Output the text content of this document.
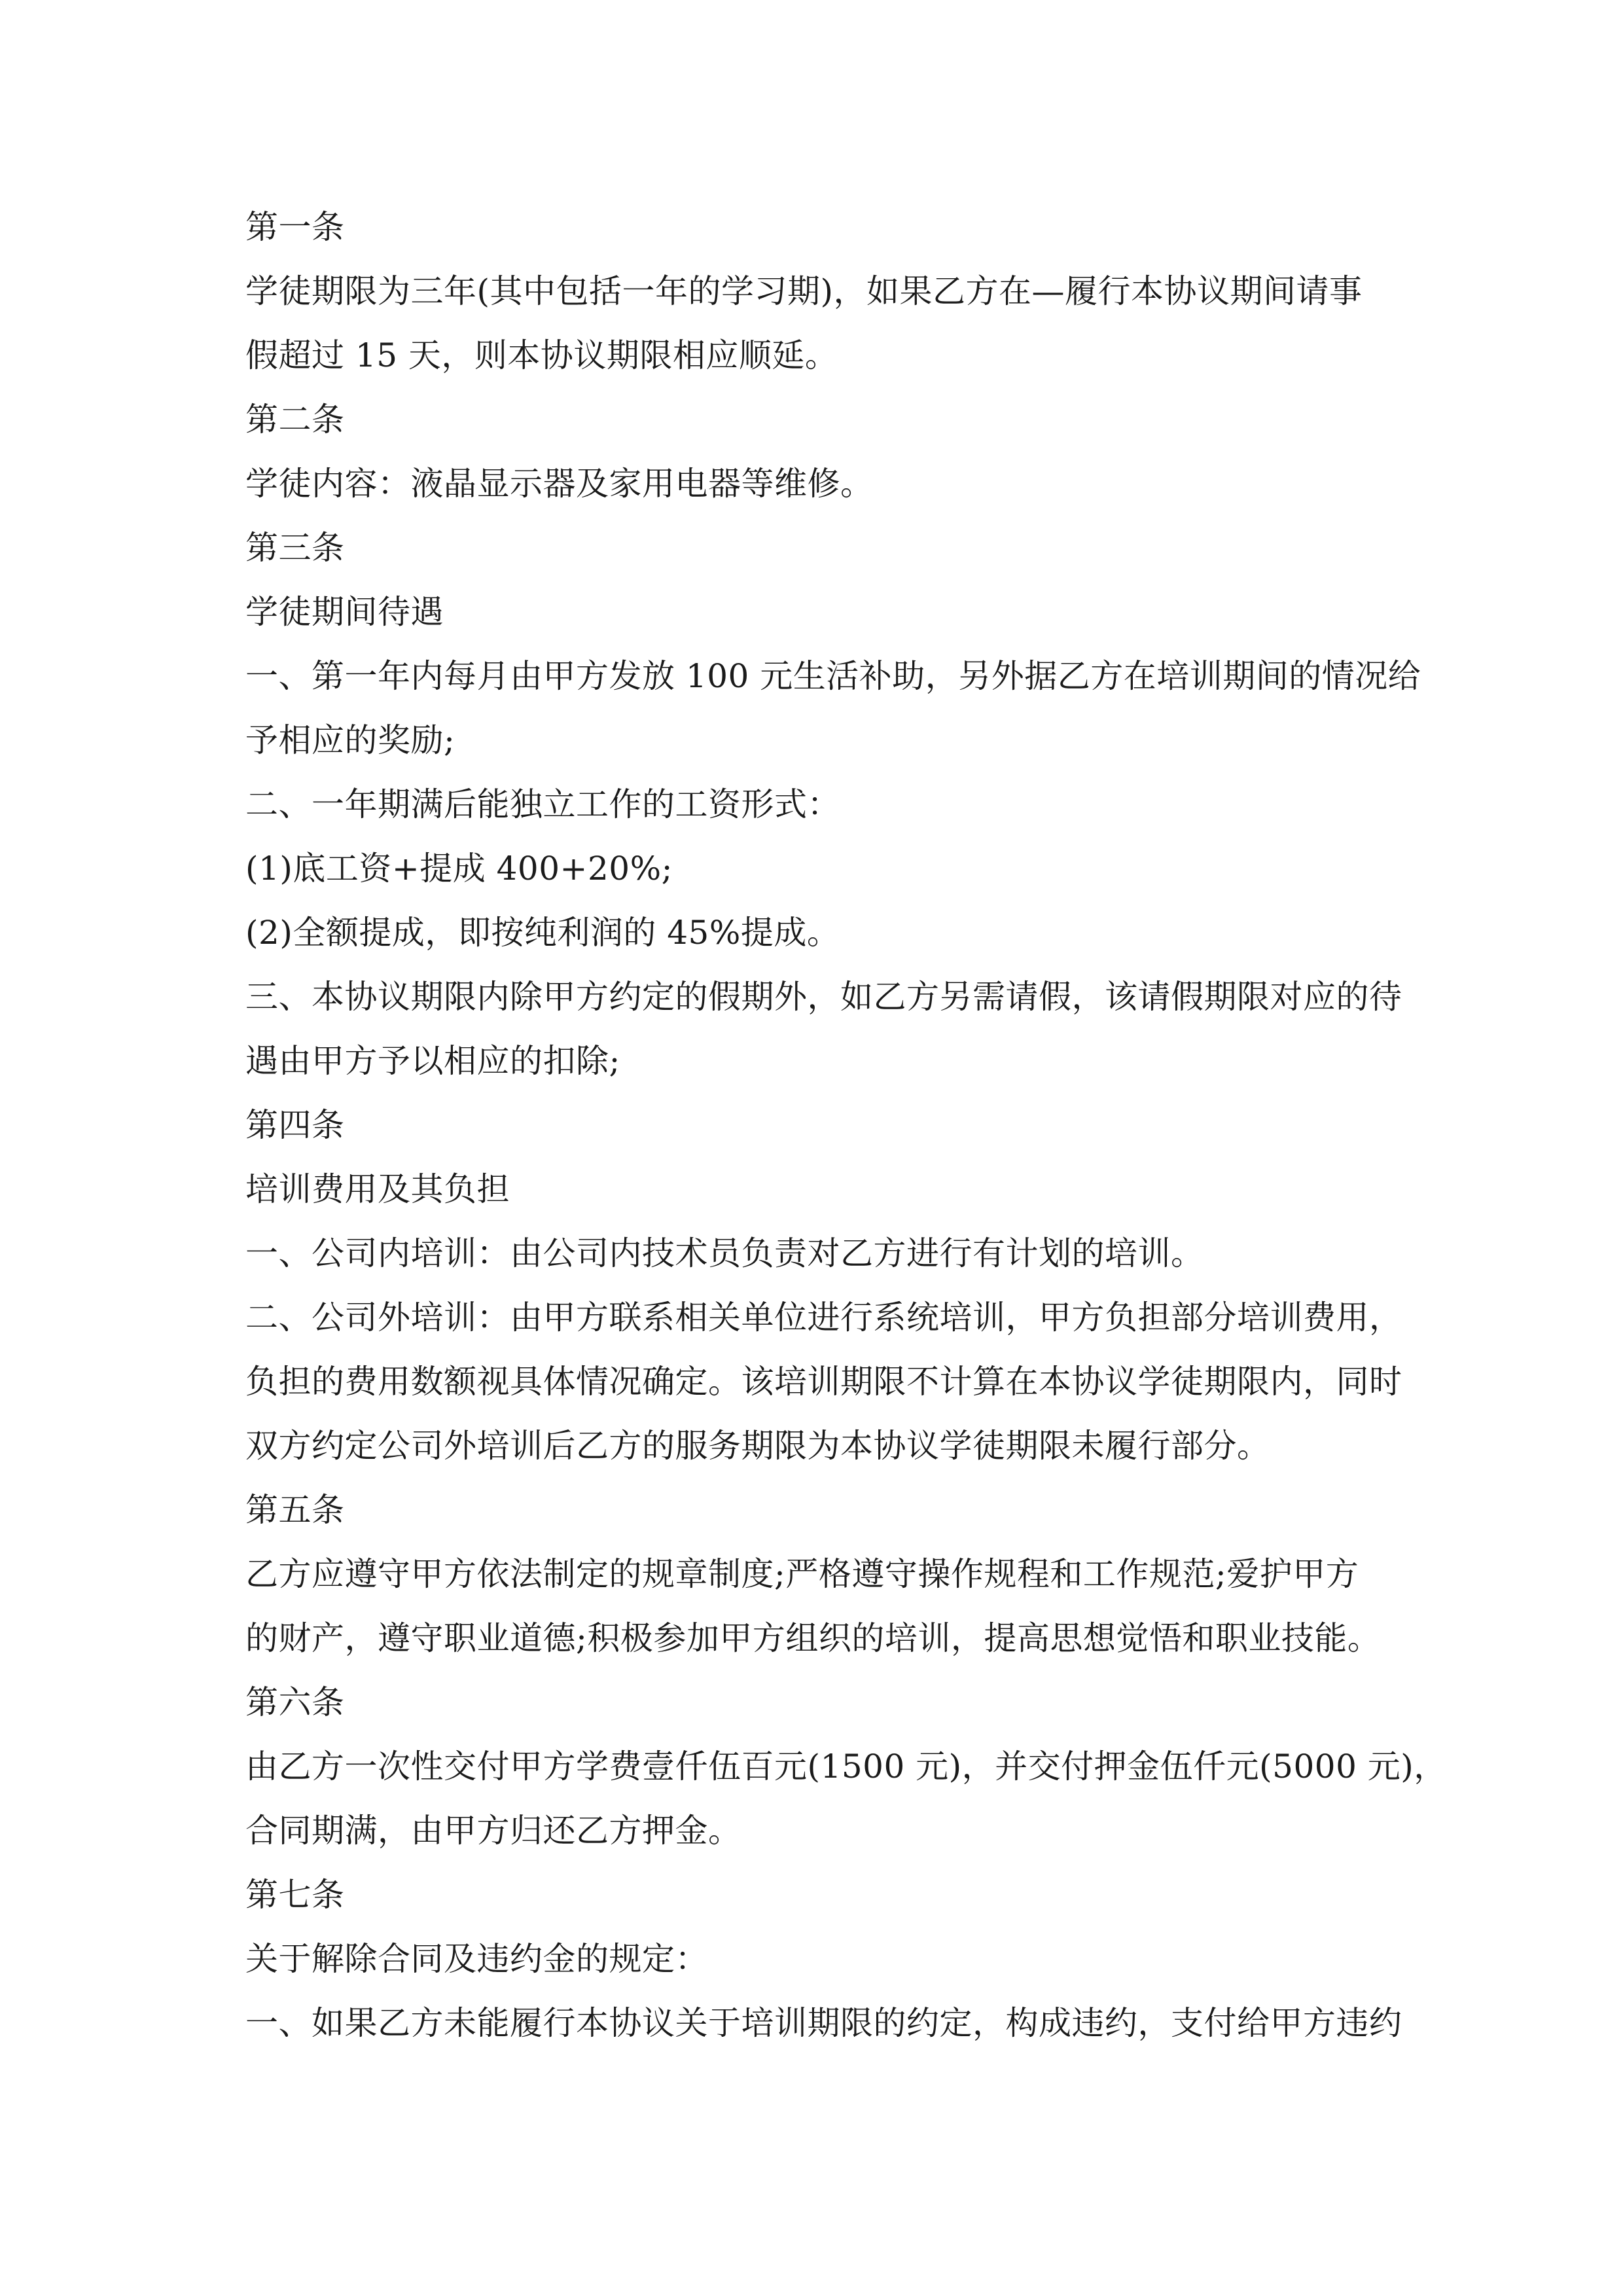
第一条

学徒期限为三年(其中包括一年的学习期)，如果乙方在—履行本协议期间请事

假超过 15 天，则本协议期限相应顺延。

第二条

学徒内容：液晶显示器及家用电器等维修。

第三条

学徒期间待遇

一、第一年内每月由甲方发放 100 元生活补助，另外据乙方在培训期间的情况给

予相应的奖励;

二、一年期满后能独立工作的工资形式：

(1)底工资+提成 400+20%;

(2)全额提成，即按纯利润的 45%提成。

三、本协议期限内除甲方约定的假期外，如乙方另需请假，该请假期限对应的待

遇由甲方予以相应的扣除;

第四条

培训费用及其负担

一、公司内培训：由公司内技术员负责对乙方进行有计划的培训。

二、公司外培训：由甲方联系相关单位进行系统培训，甲方负担部分培训费用，

负担的费用数额视具体情况确定。该培训期限不计算在本协议学徒期限内，同时

双方约定公司外培训后乙方的服务期限为本协议学徒期限未履行部分。

第五条

乙方应遵守甲方依法制定的规章制度;严格遵守操作规程和工作规范;爱护甲方

的财产，遵守职业道德;积极参加甲方组织的培训，提高思想觉悟和职业技能。

第六条

由乙方一次性交付甲方学费壹仟伍百元(1500 元)，并交付押金伍仟元(5000 元)，

合同期满，由甲方归还乙方押金。

第七条

关于解除合同及违约金的规定：

一、如果乙方未能履行本协议关于培训期限的约定，构成违约，支付给甲方违约
